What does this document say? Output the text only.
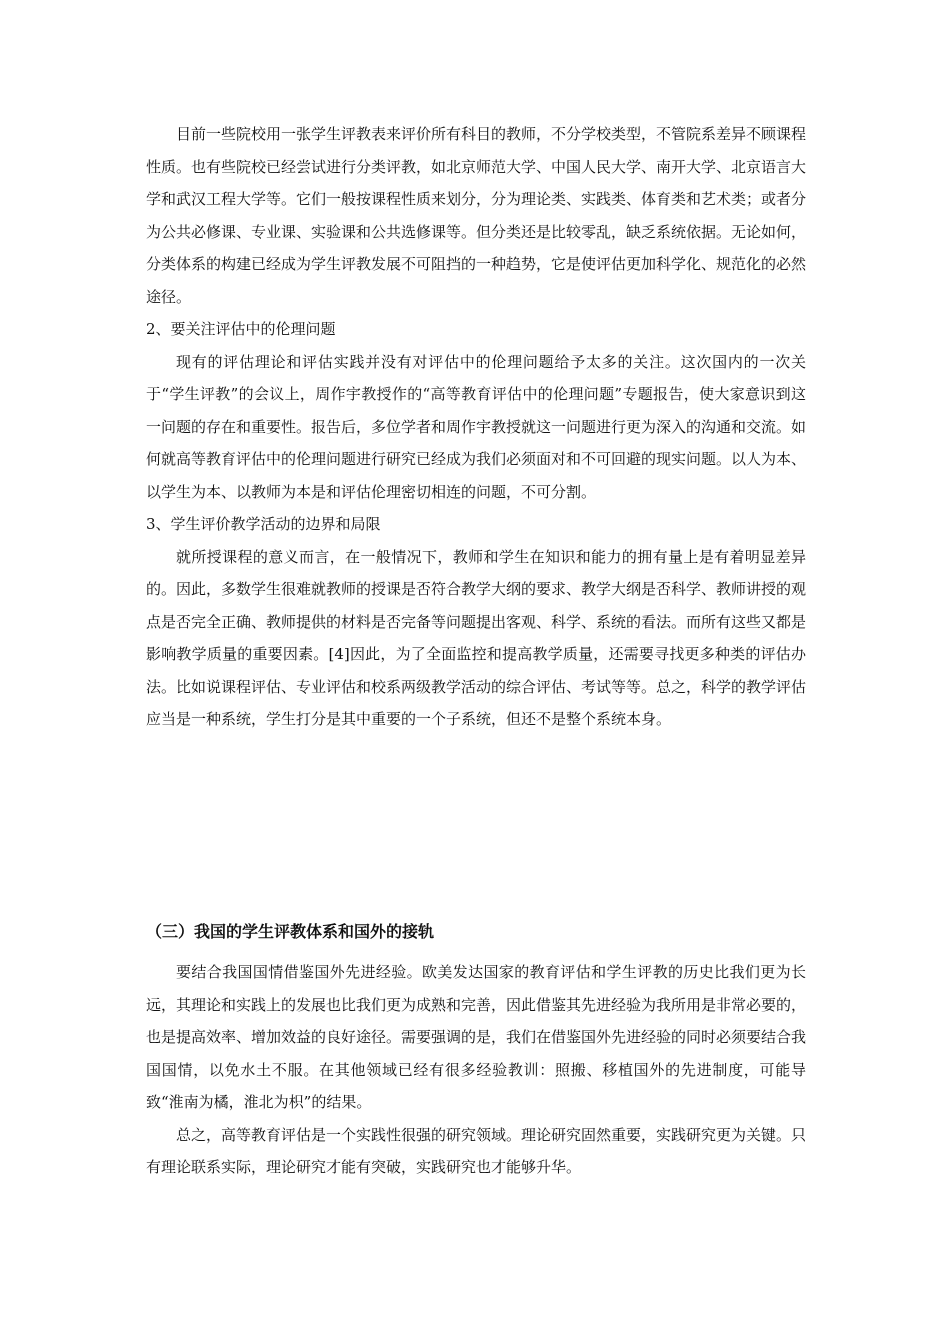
目前一些院校用一张学生评教表来评价所有科目的教师，不分学校类型，不管院系差异不顾课程性质。也有些院校已经尝试进行分类评教，如北京师范大学、中国人民大学、南开大学、北京语言大学和武汉工程大学等。它们一般按课程性质来划分，分为理论类、实践类、体育类和艺术类；或者分为公共必修课、专业课、实验课和公共选修课等。但分类还是比较零乱，缺乏系统依据。无论如何，分类体系的构建已经成为学生评教发展不可阻挡的一种趋势，它是使评估更加科学化、规范化的必然途径。

2、要关注评估中的伦理问题

现有的评估理论和评估实践并没有对评估中的伦理问题给予太多的关注。这次国内的一次关于“学生评教”的会议上，周作宇教授作的“高等教育评估中的伦理问题”专题报告，使大家意识到这一问题的存在和重要性。报告后，多位学者和周作宇教授就这一问题进行更为深入的沟通和交流。如何就高等教育评估中的伦理问题进行研究已经成为我们必须面对和不可回避的现实问题。以人为本、以学生为本、以教师为本是和评估伦理密切相连的问题，不可分割。

3、学生评价教学活动的边界和局限

就所授课程的意义而言，在一般情况下，教师和学生在知识和能力的拥有量上是有着明显差异的。因此，多数学生很难就教师的授课是否符合教学大纲的要求、教学大纲是否科学、教师讲授的观点是否完全正确、教师提供的材料是否完备等问题提出客观、科学、系统的看法。而所有这些又都是影响教学质量的重要因素。[4]因此，为了全面监控和提高教学质量，还需要寻找更多种类的评估办法。比如说课程评估、专业评估和校系两级教学活动的综合评估、考试等等。总之，科学的教学评估应当是一种系统，学生打分是其中重要的一个子系统，但还不是整个系统本身。

（三）我国的学生评教体系和国外的接轨

要结合我国国情借鉴国外先进经验。欧美发达国家的教育评估和学生评教的历史比我们更为长远，其理论和实践上的发展也比我们更为成熟和完善，因此借鉴其先进经验为我所用是非常必要的，也是提高效率、增加效益的良好途径。需要强调的是，我们在借鉴国外先进经验的同时必须要结合我国国情，以免水土不服。在其他领域已经有很多经验教训：照搬、移植国外的先进制度，可能导致“淮南为橘，淮北为枳”的结果。

总之，高等教育评估是一个实践性很强的研究领域。理论研究固然重要，实践研究更为关键。只有理论联系实际，理论研究才能有突破，实践研究也才能够升华。
